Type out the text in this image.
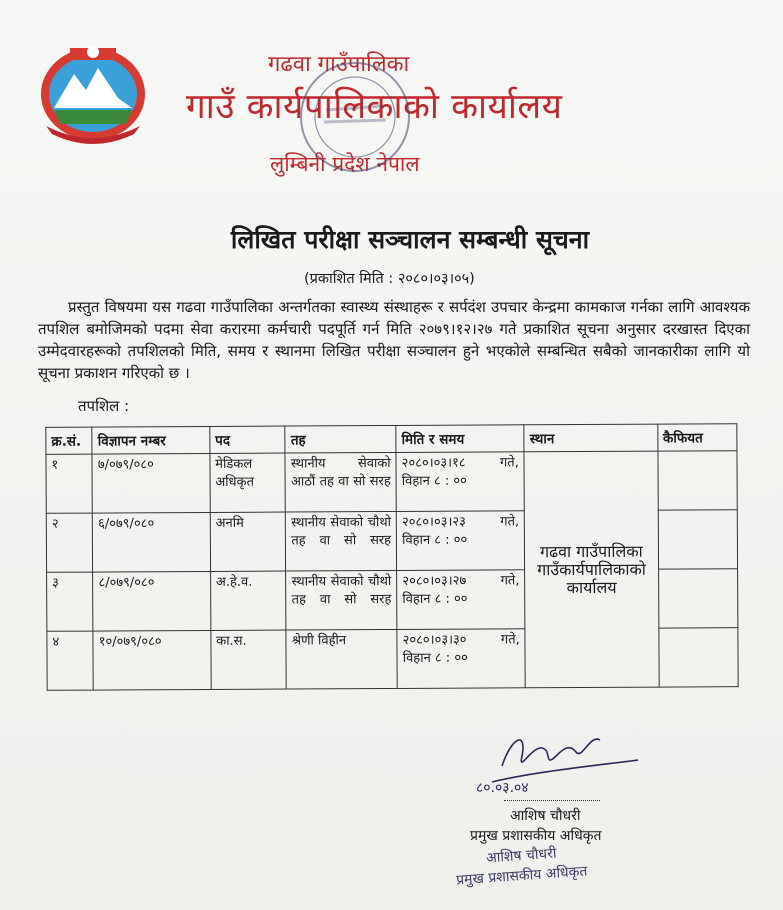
गढवा गाउँपालिका
गाउँ कार्यपालिकाको कार्यालय
लुम्बिनी प्रदेश नेपाल
लिखित परीक्षा सञ्चालन सम्बन्धी सूचना
(प्रकाशित मिति : २०८०।०३।०५)
प्रस्तुत विषयमा यस गढवा गाउँपालिका अन्तर्गतका स्वास्थ्य संस्थाहरू र सर्पदंश उपचार केन्द्रमा कामकाज गर्नका लागि आवश्यक तपशिल बमोजिमको पदमा सेवा करारमा कर्मचारी पदपूर्ति गर्न मिति २०७९।१२।२७ गते प्रकाशित सूचना अनुसार दरखास्त दिएका उम्मेदवारहरूको तपशिलको मिति, समय र स्थानमा लिखित परीक्षा सञ्चालन हुने भएकोले सम्बन्धित सबैको जानकारीका लागि यो सूचना प्रकाशन गरिएको छ ।
तपशिल :
क्र.सं.	विज्ञापन नम्बर	पद	तह	मिति र समय	स्थान	कैफियत
१	७/०७९/०८०	मेडिकल अधिकृत	स्थानीय सेवाको आठौं तह वा सो सरह	२०८०।०३।१८ गते,
विहान ८ : ००	गढवा गाउँपालिका गाउँकार्यपालिकाको कार्यालय	
२	६/०७९/०८०	अनमि	स्थानीय सेवाको चौथो तह वा सो सरह	२०८०।०३।२३ गते,
विहान ८ : ००		
३	८/०७९/०८०	अ.हे.व.	स्थानीय सेवाको चौथो तह वा सो सरह	२०८०।०३।२७ गते,
विहान ८ : ००		
४	१०/०७९/०८०	का.स.	श्रेणी विहीन	२०८०।०३।३० गते,
विहान ८ : ००		
८०.०३.०४
आशिष चौधरी
प्रमुख प्रशासकीय अधिकृत
आशिष चौधरी
प्रमुख प्रशासकीय अधिकृत
